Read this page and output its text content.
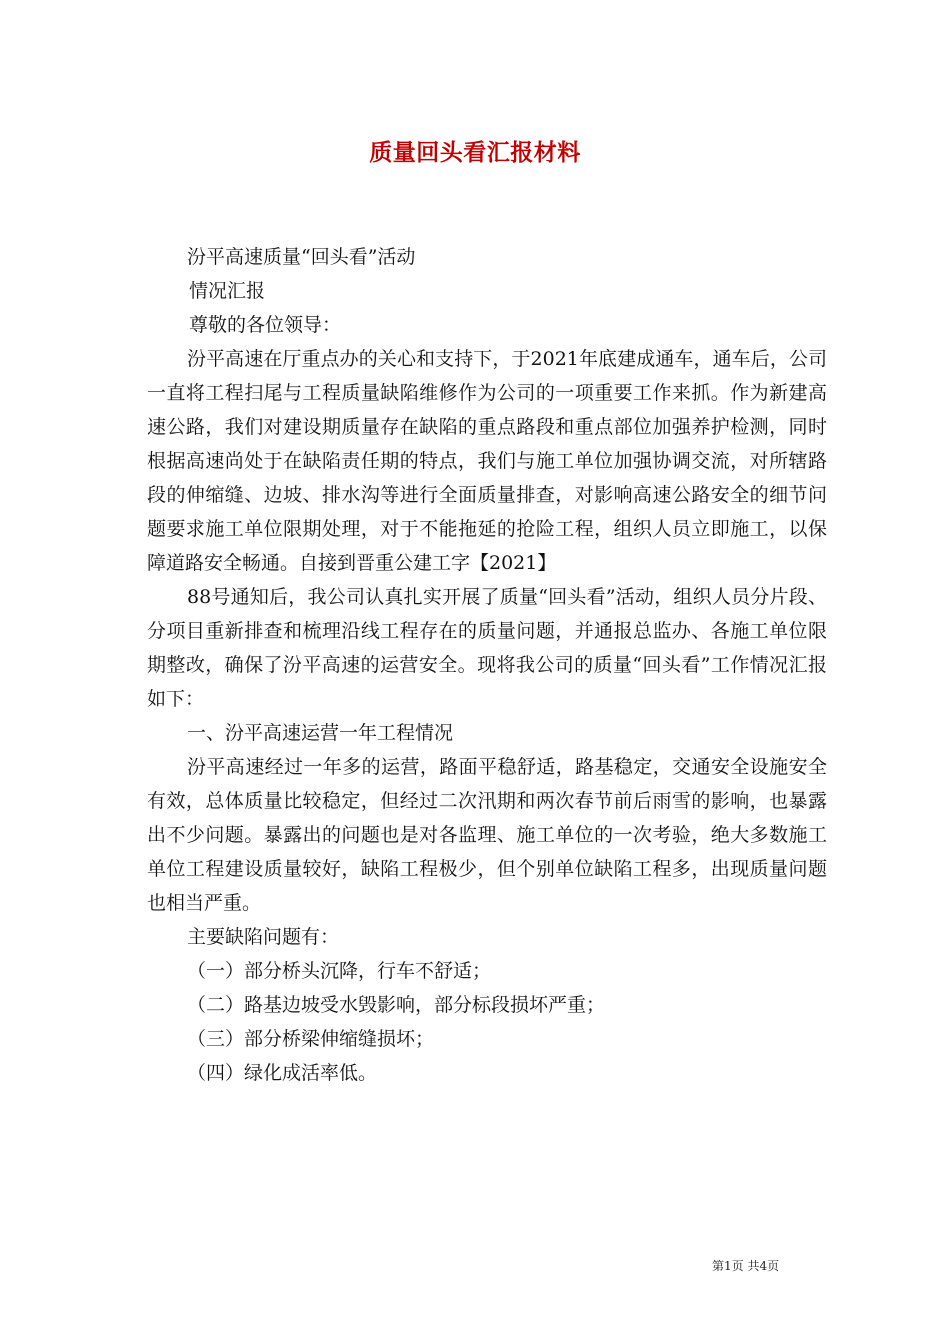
质量回头看汇报材料

汾平高速质量“回头看”活动

情况汇报

尊敬的各位领导：

汾平高速在厅重点办的关心和支持下，于2021年底建成通车，通车后，公司一直将工程扫尾与工程质量缺陷维修作为公司的一项重要工作来抓。作为新建高速公路，我们对建设期质量存在缺陷的重点路段和重点部位加强养护检测，同时根据高速尚处于在缺陷责任期的特点，我们与施工单位加强协调交流，对所辖路段的伸缩缝、边坡、排水沟等进行全面质量排查，对影响高速公路安全的细节问题要求施工单位限期处理，对于不能拖延的抢险工程，组织人员立即施工，以保障道路安全畅通。自接到晋重公建工字【2021】

88号通知后，我公司认真扎实开展了质量“回头看”活动，组织人员分片段、分项目重新排查和梳理沿线工程存在的质量问题，并通报总监办、各施工单位限期整改，确保了汾平高速的运营安全。现将我公司的质量“回头看”工作情况汇报如下：

一、汾平高速运营一年工程情况

汾平高速经过一年多的运营，路面平稳舒适，路基稳定，交通安全设施安全有效，总体质量比较稳定，但经过二次汛期和两次春节前后雨雪的影响，也暴露出不少问题。暴露出的问题也是对各监理、施工单位的一次考验，绝大多数施工单位工程建设质量较好，缺陷工程极少，但个别单位缺陷工程多，出现质量问题也相当严重。

主要缺陷问题有：

（一）部分桥头沉降，行车不舒适；

（二）路基边坡受水毁影响，部分标段损坏严重；

（三）部分桥梁伸缩缝损坏；

（四）绿化成活率低。

第1页 共4页
